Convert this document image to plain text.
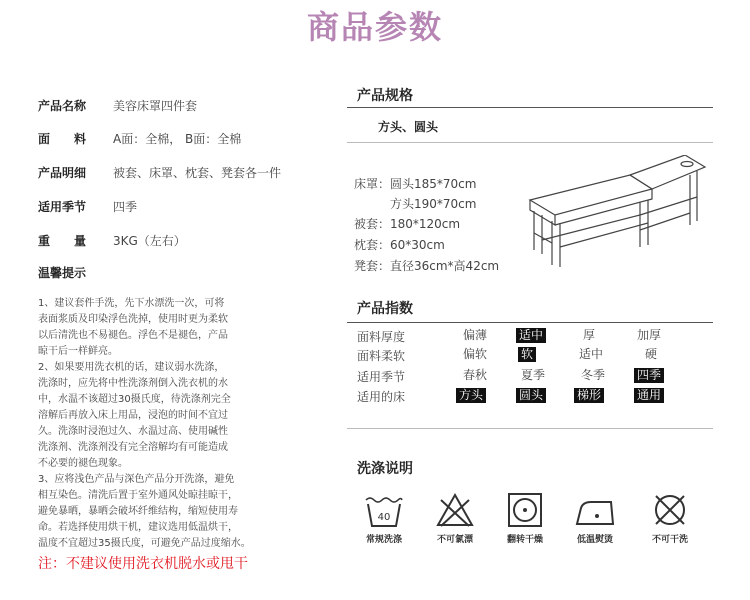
商品参数
产品名称	美容床罩四件套
面　　料	A面：全棉， B面：全棉
产品明细	被套、床罩、枕套、凳套各一件
适用季节	四季
重　　量	3KG（左右）
温馨提示

1、建议套件手洗，先下水漂洗一次，可将

表面浆质及印染浮色洗掉，使用时更为柔软

以后清洗也不易褪色。浮色不是褪色，产品

晾干后一样鲜亮。

2、如果要用洗衣机的话，建议弱水洗涤，

洗涤时，应先将中性洗涤剂倒入洗衣机的水

中，水温不该超过30摄氏度，待洗涤剂完全

溶解后再放入床上用品，浸泡的时间不宜过

久。洗涤时浸泡过久、水温过高、使用碱性

洗涤剂、洗涤剂没有完全溶解均有可能造成

不必要的褪色现象。

3、应将浅色产品与深色产品分开洗涤，避免

相互染色。清洗后置于室外通风处晾挂晾干，

避免暴晒，暴晒会破坏纤维结构，缩短使用寿

命。若选择使用烘干机，建议选用低温烘干，

温度不宜超过35摄氏度，可避免产品过度缩水。

注：不建议使用洗衣机脱水或甩干
产品规格
方头、圆头
床罩：圆头185*70cm
方头190*70cm
被套：180*120cm
枕套：60*30cm
凳套：直径36cm*高42cm
产品指数
面料厚度	偏薄	适中	厚	加厚
面料柔软	偏软	软	适中	硬
适用季节	春秋	夏季	冬季	四季
适用的床	方头	圆头	梯形	通用
洗涤说明
40
常规洗涤	不可氯漂	翻转干燥	低温熨烫	不可干洗
